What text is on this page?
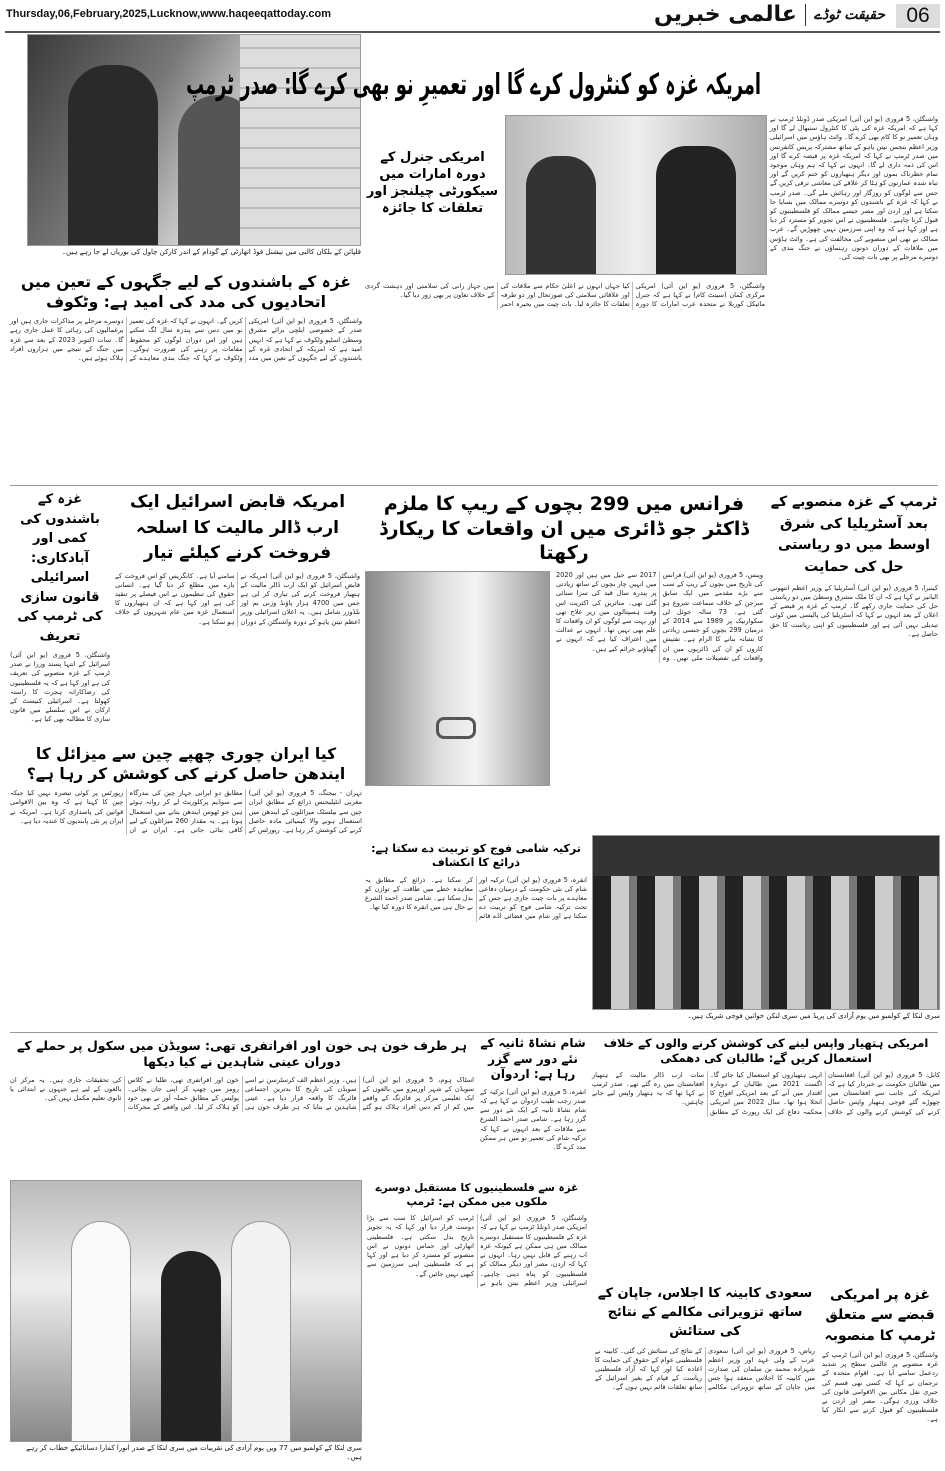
Thursday,06,February,2025,Lucknow,www.haqeeqattoday.com	06
حقیقت ٹوڈے
عالمی خبریں
فلپائن کے بلکان کالنی میں نیشنل فوڈ اتھارٹی کے گودام کے اندر کارکن چاول کی بوریاں لے جا رہے ہیں۔
امریکہ غزہ کو کنٹرول کرے گا اور تعمیرِ نو بھی کرے گا: صدر ٹرمپ
واشنگٹن، 5 فروری (یو این آئی) امریکی صدر ڈونلڈ ٹرمپ نے کہا ہے کہ امریکہ غزہ کی پٹی کا کنٹرول سنبھال لے گا اور وہاں تعمیر نو کا کام بھی کرے گا۔ وائٹ ہاؤس میں اسرائیلی وزیر اعظم بنجمن نیتن یاہو کے ساتھ مشترکہ پریس کانفرنس میں صدر ٹرمپ نے کہا کہ امریکہ غزہ پر قبضہ کرے گا اور اس کی ذمہ داری لے گا۔ انہوں نے کہا کہ ہم وہاں موجود تمام خطرناک بموں اور دیگر ہتھیاروں کو ختم کریں گے اور تباہ شدہ عمارتوں کو ہٹا کر علاقے کی معاشی ترقی کریں گے جس سے لوگوں کو روزگار اور رہائش ملے گی۔ صدر ٹرمپ نے کہا کہ غزہ کے باشندوں کو دوسرے ممالک میں بسایا جا سکتا ہے اور اردن اور مصر جیسے ممالک کو فلسطینیوں کو قبول کرنا چاہیے۔ فلسطینیوں نے اس تجویز کو مسترد کر دیا ہے اور کہا ہے کہ وہ اپنی سرزمین نہیں چھوڑیں گے۔ عرب ممالک نے بھی اس منصوبے کی مخالفت کی ہے۔ وائٹ ہاؤس میں ملاقات کے دوران دونوں رہنماؤں نے جنگ بندی کے دوسرے مرحلے پر بھی بات چیت کی۔
امریکی جنرل کے دورہ امارات میں سیکورٹی چیلنجز اور تعلقات کا جائزہ
واشنگٹن، 5 فروری (یو این آئی) امریکی مرکزی کمان (سینٹ کام) نے کہا ہے کہ جنرل مائیکل کوریلا نے متحدہ عرب امارات کا دورہ کیا جہاں انہوں نے اعلیٰ حکام سے ملاقات کی اور علاقائی سلامتی کی صورتحال اور دو طرفہ تعلقات کا جائزہ لیا۔ بات چیت میں بحیرہ احمر میں جہاز رانی کی سلامتی اور دہشت گردی کے خلاف تعاون پر بھی زور دیا گیا۔
غزہ کے باشندوں کے لیے جگہوں کے تعین میں اتحادیوں کی مدد کی امید ہے: وٹکوف
واشنگٹن، 5 فروری (یو این آئی) امریکی صدر کے خصوصی ایلچی برائے مشرق وسطیٰ اسٹیو وٹکوف نے کہا ہے کہ انہیں امید ہے کہ امریکہ کے اتحادی غزہ کے باشندوں کے لیے جگہوں کے تعین میں مدد کریں گے۔ انہوں نے کہا کہ غزہ کی تعمیر نو میں دس سے پندرہ سال لگ سکتے ہیں اور اس دوران لوگوں کو محفوظ مقامات پر رہنے کی ضرورت ہوگی۔ وٹکوف نے کہا کہ جنگ بندی معاہدے کے دوسرے مرحلے پر مذاکرات جاری ہیں اور یرغمالیوں کی رہائی کا عمل جاری رہے گا۔ سات اکتوبر 2023 کے بعد سے غزہ میں جنگ کے نتیجے میں ہزاروں افراد ہلاک ہوئے ہیں۔
غزہ کے باشندوں کی کمی اور آبادکاری: اسرائیلی قانون سازی کی ٹرمپ کی تعریف
واشنگٹن، 5 فروری (یو این آئی) اسرائیل کے انتہا پسند وزرا نے صدر ٹرمپ کے غزہ منصوبے کی تعریف کی ہے اور کہا ہے کہ یہ فلسطینیوں کی رضاکارانہ ہجرت کا راستہ کھولتا ہے۔ اسرائیلی کنیسٹ کے ارکان نے اس سلسلے میں قانون سازی کا مطالبہ بھی کیا ہے۔
امریکہ قابض اسرائیل ایک ارب ڈالر مالیت کا اسلحہ فروخت کرنے کیلئے تیار
واشنگٹن، 5 فروری (یو این آئی) امریکہ نے قابض اسرائیل کو ایک ارب ڈالر مالیت کے ہتھیار فروخت کرنے کی تیاری کر لی ہے جس میں 4700 ہزار پاؤنڈ وزنی بم اور بلڈوزر شامل ہیں۔ یہ اعلان اسرائیلی وزیر اعظم نیتن یاہو کے دورہ واشنگٹن کے دوران سامنے آیا ہے۔ کانگریس کو اس فروخت کے بارے میں مطلع کر دیا گیا ہے۔ انسانی حقوق کی تنظیموں نے اس فیصلے پر تنقید کی ہے اور کہا ہے کہ ان ہتھیاروں کا استعمال غزہ میں عام شہریوں کے خلاف ہو سکتا ہے۔
فرانس میں 299 بچوں کے ریپ کا ملزم ڈاکٹر جو ڈائری میں ان واقعات کا ریکارڈ رکھتا
وینس، 5 فروری (یو این آئی) فرانس کی تاریخ میں بچوں کے ریپ کے سب سے بڑے مقدمے میں ایک سابق سرجن کے خلاف سماعت شروع ہو گئی ہے۔ 73 سالہ جوئل لی سکوارنیک پر 1989 سے 2014 کے درمیان 299 بچوں کو جنسی زیادتی کا نشانہ بنانے کا الزام ہے۔ تفتیش کاروں کو ان کی ڈائریوں میں ان واقعات کی تفصیلات ملی تھیں۔ وہ 2017 سے جیل میں ہیں اور 2020 میں انہیں چار بچوں کے ساتھ زیادتی پر پندرہ سال قید کی سزا سنائی گئی تھی۔ متاثرین کی اکثریت اس وقت ہسپتالوں میں زیر علاج تھی اور بہت سے لوگوں کو ان واقعات کا علم بھی نہیں تھا۔ انہوں نے عدالت میں اعتراف کیا ہے کہ انہوں نے گھناؤنے جرائم کیے ہیں۔
ٹرمپ کے غزہ منصوبے کے بعد آسٹریلیا کی شرق اوسط میں دو ریاستی حل کی حمایت
کینبرا، 5 فروری (یو این آئی) آسٹریلیا کے وزیر اعظم انتھونی البانیز نے کہا ہے کہ ان کا ملک مشرق وسطیٰ میں دو ریاستی حل کی حمایت جاری رکھے گا۔ ٹرمپ کے غزہ پر قبضے کے اعلان کے بعد انہوں نے کہا کہ آسٹریلیا کی پالیسی میں کوئی تبدیلی نہیں آئی ہے اور فلسطینیوں کو اپنی ریاست کا حق حاصل ہے۔
کیا ایران چوری چھپے چین سے میزائل کا ایندھن حاصل کرنے کی کوشش کر رہا ہے؟
تہران - بیجنگ، 5 فروری (یو این آئی) مغربی انٹیلیجنس ذرائع کے مطابق ایران چین سے بیلسٹک میزائلوں کے ایندھن میں استعمال ہونے والا کیمیائی مادہ حاصل کرنے کی کوشش کر رہا ہے۔ رپورٹس کے مطابق دو ایرانی جہاز چین کی بندرگاہ سے سوڈیم پرکلوریٹ لے کر روانہ ہوئے ہیں جو ٹھوس ایندھن بنانے میں استعمال ہوتا ہے۔ یہ مقدار 260 میزائلوں کے لیے کافی بتائی جاتی ہے۔ ایران نے ان رپورٹس پر کوئی تبصرہ نہیں کیا جبکہ چین کا کہنا ہے کہ وہ بین الاقوامی قوانین کی پاسداری کرتا ہے۔ امریکہ نے ایران پر نئی پابندیوں کا عندیہ دیا ہے۔
ترکیہ شامی فوج کو تربیت دے سکتا ہے: ذرائع کا انکشاف
انقرہ، 5 فروری (یو این آئی) ترکیہ اور شام کی نئی حکومت کے درمیان دفاعی معاہدے پر بات چیت جاری ہے جس کے تحت ترکیہ شامی فوج کو تربیت دے سکتا ہے اور شام میں فضائی اڈے قائم کر سکتا ہے۔ ذرائع کے مطابق یہ معاہدہ خطے میں طاقت کے توازن کو بدل سکتا ہے۔ شامی صدر احمد الشرع نے حال ہی میں انقرہ کا دورہ کیا تھا۔
سری لنکا کے کولمبو میں یوم آزادی کی پریڈ میں سری لنکن خواتین فوجی شریک ہیں۔
امریکی ہتھیار واپس لینے کی کوشش کرنے والوں کے خلاف استعمال کریں گے: طالبان کی دھمکی
کابل، 5 فروری (یو این آئی) افغانستان میں طالبان حکومت نے خبردار کیا ہے کہ امریکہ کی جانب سے افغانستان میں چھوڑے گئے فوجی ہتھیار واپس حاصل کرنے کی کوشش کرنے والوں کے خلاف انہی ہتھیاروں کو استعمال کیا جائے گا۔ اگست 2021 میں طالبان کے دوبارہ اقتدار میں آنے کے بعد امریکی افواج کا انخلا ہوا تھا۔ سال 2022 میں امریکی محکمہ دفاع کی ایک رپورٹ کے مطابق سات ارب ڈالر مالیت کے ہتھیار افغانستان میں رہ گئے تھے۔ صدر ٹرمپ نے کہا تھا کہ یہ ہتھیار واپس لیے جانے چاہئیں۔
شام نشاۃ ثانیہ کے نئے دور سے گزر رہا ہے: اردوآن
انقرہ، 5 فروری (یو این آئی) ترکیہ کے صدر رجب طیب اردوآن نے کہا ہے کہ شام نشاۃ ثانیہ کے ایک نئے دور سے گزر رہا ہے۔ شامی صدر احمد الشرع سے ملاقات کے بعد انہوں نے کہا کہ ترکیہ شام کی تعمیر نو میں ہر ممکن مدد کرے گا۔
ہر طرف خون ہی خون اور افراتفری تھی: سویڈن میں سکول پر حملے کے دوران عینی شاہدین نے کیا دیکھا
اسٹاک ہوم، 5 فروری (یو این آئی) سویڈن کے شہر اوریبرو میں بالغوں کے ایک تعلیمی مرکز پر فائرنگ کے واقعے میں کم از کم دس افراد ہلاک ہو گئے ہیں۔ وزیر اعظم الف کرسٹرسن نے اسے سویڈن کی تاریخ کا بدترین اجتماعی فائرنگ کا واقعہ قرار دیا ہے۔ عینی شاہدین نے بتایا کہ ہر طرف خون ہی خون اور افراتفری تھی، طلبا نے کلاس رومز میں چھپ کر اپنی جان بچائی۔ پولیس کے مطابق حملہ آور نے بھی خود کو ہلاک کر لیا۔ اس واقعے کے محرکات کی تحقیقات جاری ہیں۔ یہ مرکز ان بالغوں کے لیے ہے جنہوں نے ابتدائی یا ثانوی تعلیم مکمل نہیں کی۔
سری لنکا کے کولمبو میں 77 ویں یوم آزادی کی تقریبات میں سری لنکا کے صدر انورا کمارا دسانائیکے خطاب کر رہے ہیں۔
غزہ سے فلسطینیوں کا مستقبل دوسرے ملکوں میں ممکن ہے: ٹرمپ
واشنگٹن، 5 فروری (یو این آئی) امریکی صدر ڈونلڈ ٹرمپ نے کہا ہے کہ غزہ کے فلسطینیوں کا مستقبل دوسرے ممالک میں ہی ممکن ہے کیونکہ غزہ اب رہنے کے قابل نہیں رہا۔ انہوں نے کہا کہ اردن، مصر اور دیگر ممالک کو فلسطینیوں کو پناہ دینی چاہیے۔ اسرائیلی وزیر اعظم نیتن یاہو نے ٹرمپ کو اسرائیل کا سب سے بڑا دوست قرار دیا اور کہا کہ یہ تجویز تاریخ بدل سکتی ہے۔ فلسطینی اتھارٹی اور حماس دونوں نے اس منصوبے کو مسترد کر دیا ہے اور کہا ہے کہ فلسطینی اپنی سرزمین سے کبھی نہیں جائیں گے۔
سعودی کابینہ کا اجلاس، جاپان کے ساتھ تزویراتی مکالمے کے نتائج کی ستائش
ریاض، 5 فروری (یو این آئی) سعودی عرب کے ولی عہد اور وزیر اعظم شہزادہ محمد بن سلمان کی صدارت میں کابینہ کا اجلاس منعقد ہوا جس میں جاپان کے ساتھ تزویراتی مکالمے کے نتائج کی ستائش کی گئی۔ کابینہ نے فلسطینی عوام کے حقوق کی حمایت کا اعادہ کیا اور کہا کہ آزاد فلسطینی ریاست کے قیام کے بغیر اسرائیل کے ساتھ تعلقات قائم نہیں ہوں گے۔
غزہ پر امریکی قبضے سے متعلق ٹرمپ کا منصوبہ
واشنگٹن، 5 فروری (یو این آئی) ٹرمپ کے غزہ منصوبے پر عالمی سطح پر شدید ردعمل سامنے آیا ہے۔ اقوام متحدہ کے ترجمان نے کہا کہ کسی بھی قسم کی جبری نقل مکانی بین الاقوامی قانون کی خلاف ورزی ہوگی۔ مصر اور اردن نے فلسطینیوں کو قبول کرنے سے انکار کیا ہے۔
